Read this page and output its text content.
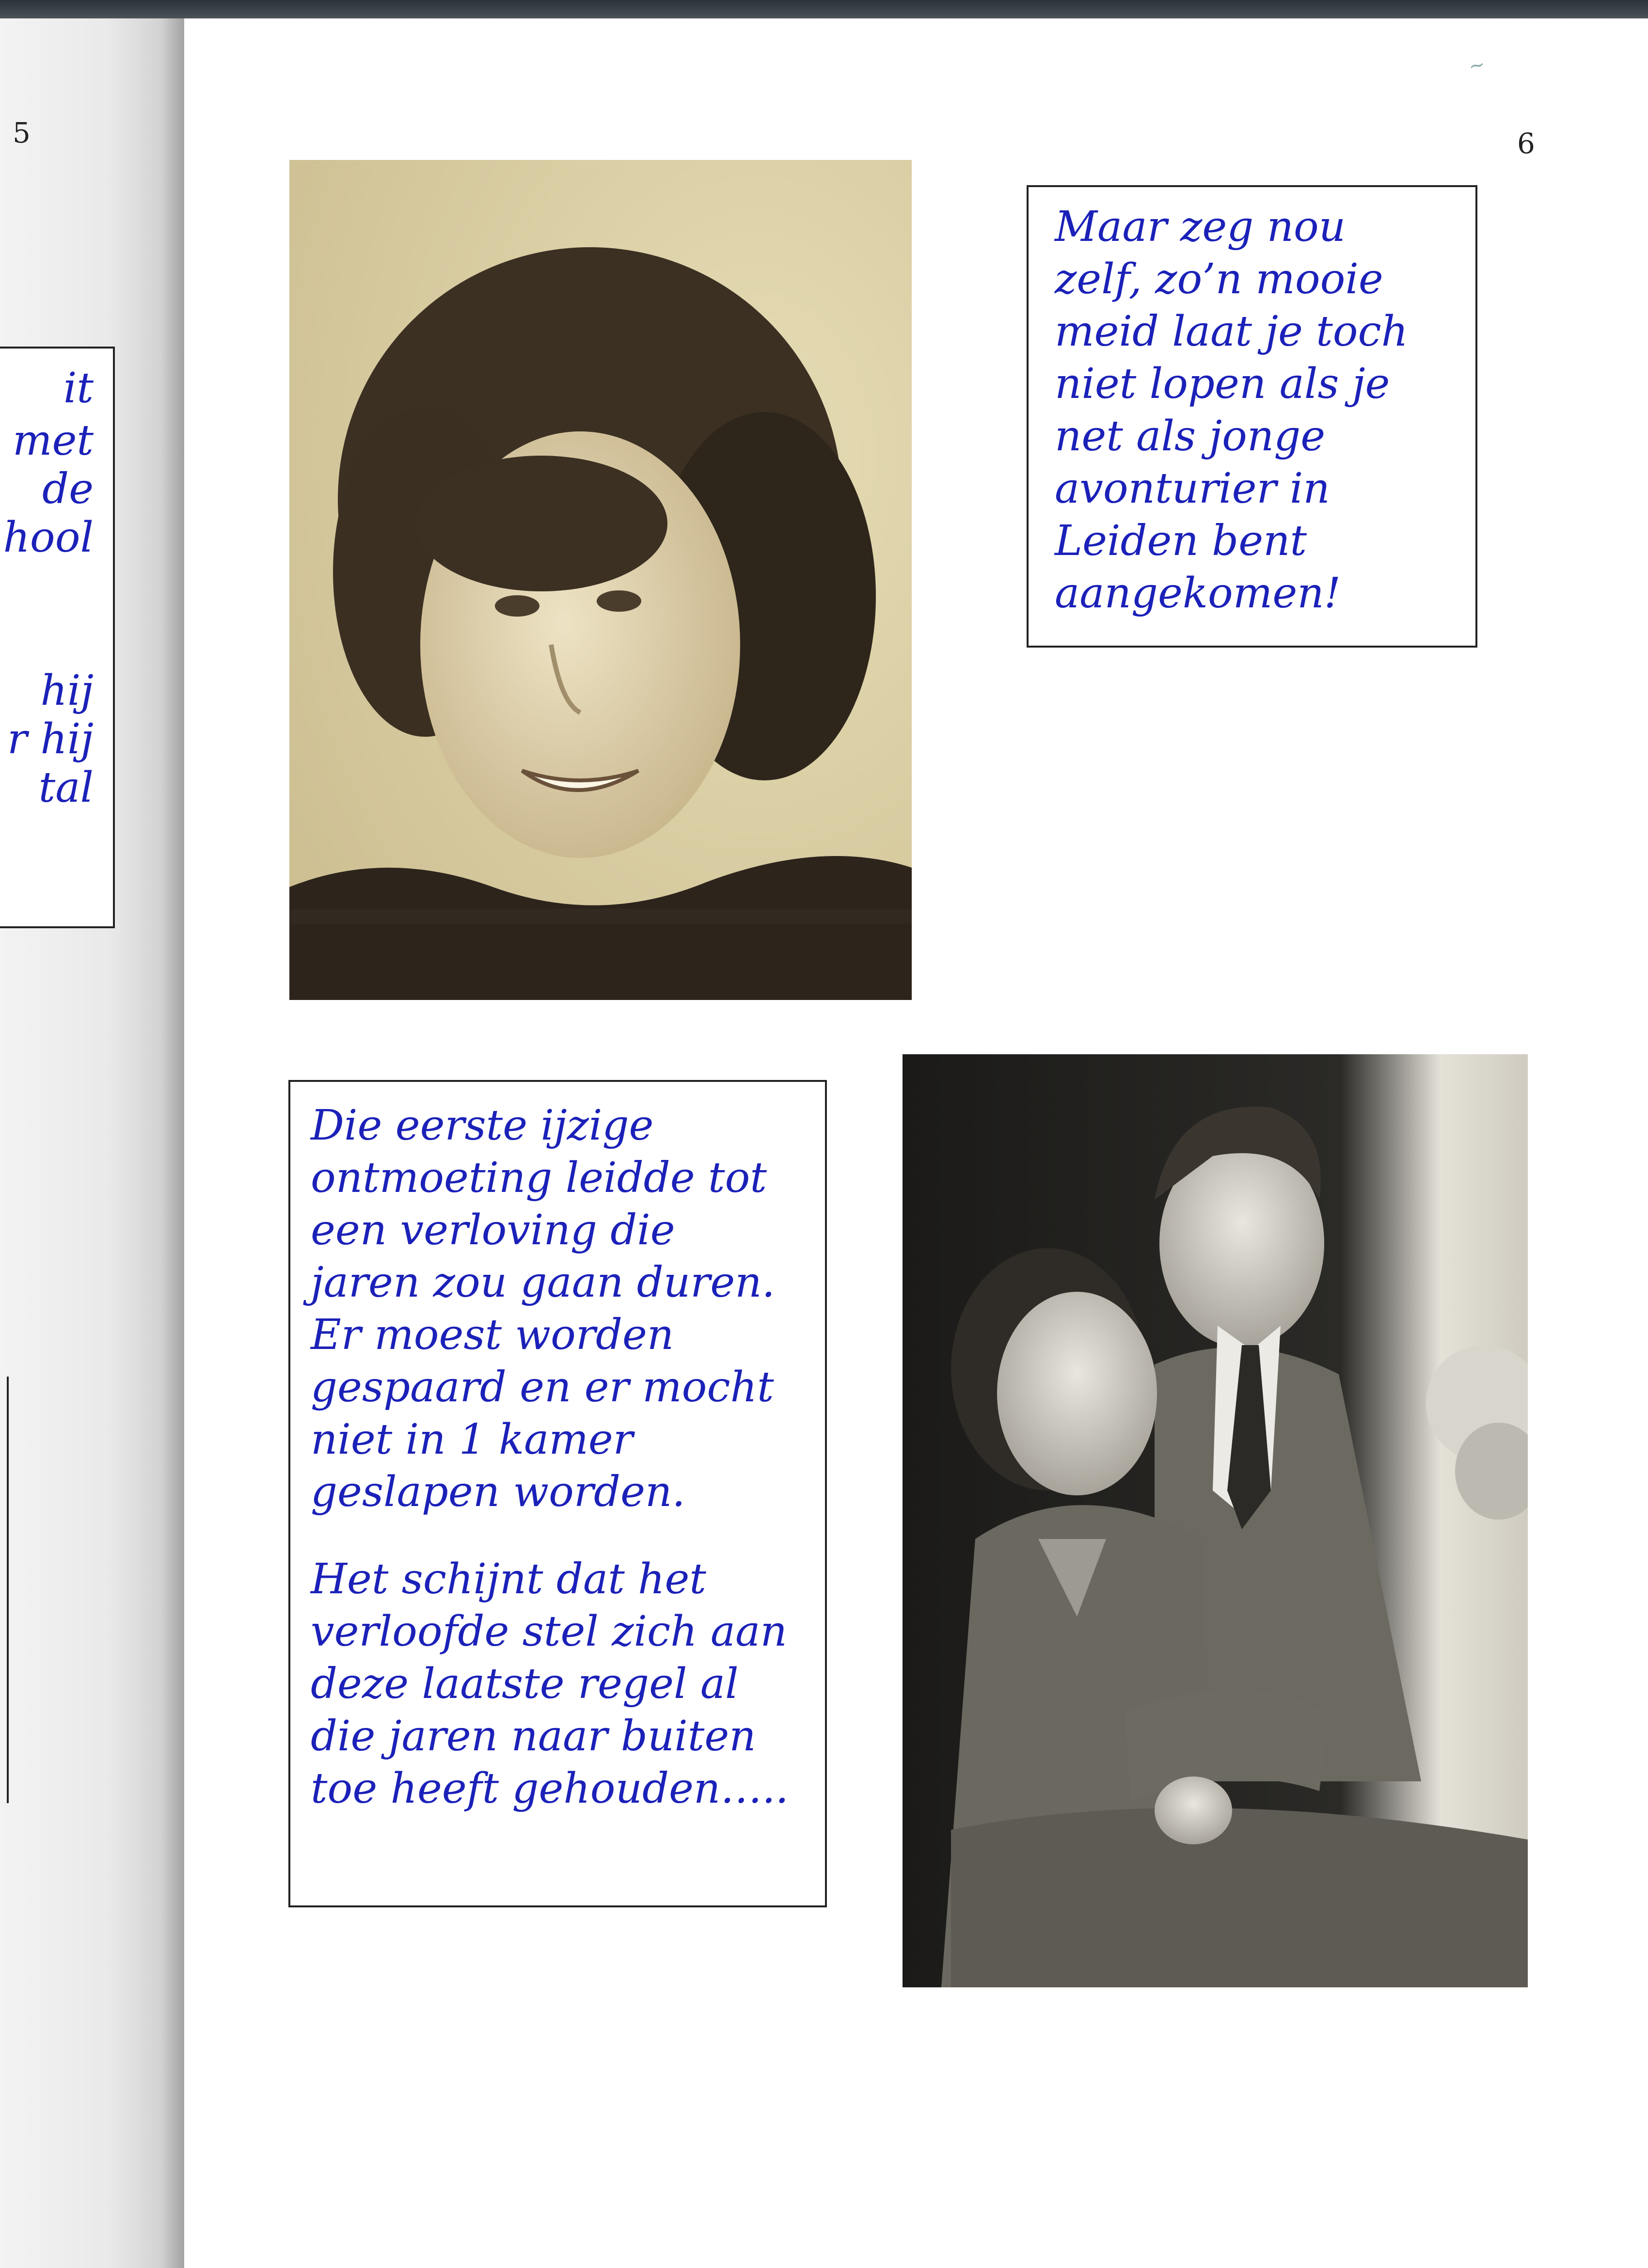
5	6
~
it
met
de
hool
hij
r hij
tal
Maar zeg nou
zelf, zo’n mooie
meid laat je toch
niet lopen als je
net als jonge
avonturier in
Leiden bent
aangekomen!
Die eerste ijzige
ontmoeting leidde tot
een verloving die
jaren zou gaan duren.
Er moest worden
gespaard en er mocht
niet in 1 kamer
geslapen worden.
Het schijnt dat het
verloofde stel zich aan
deze laatste regel al
die jaren naar buiten
toe heeft gehouden…..
